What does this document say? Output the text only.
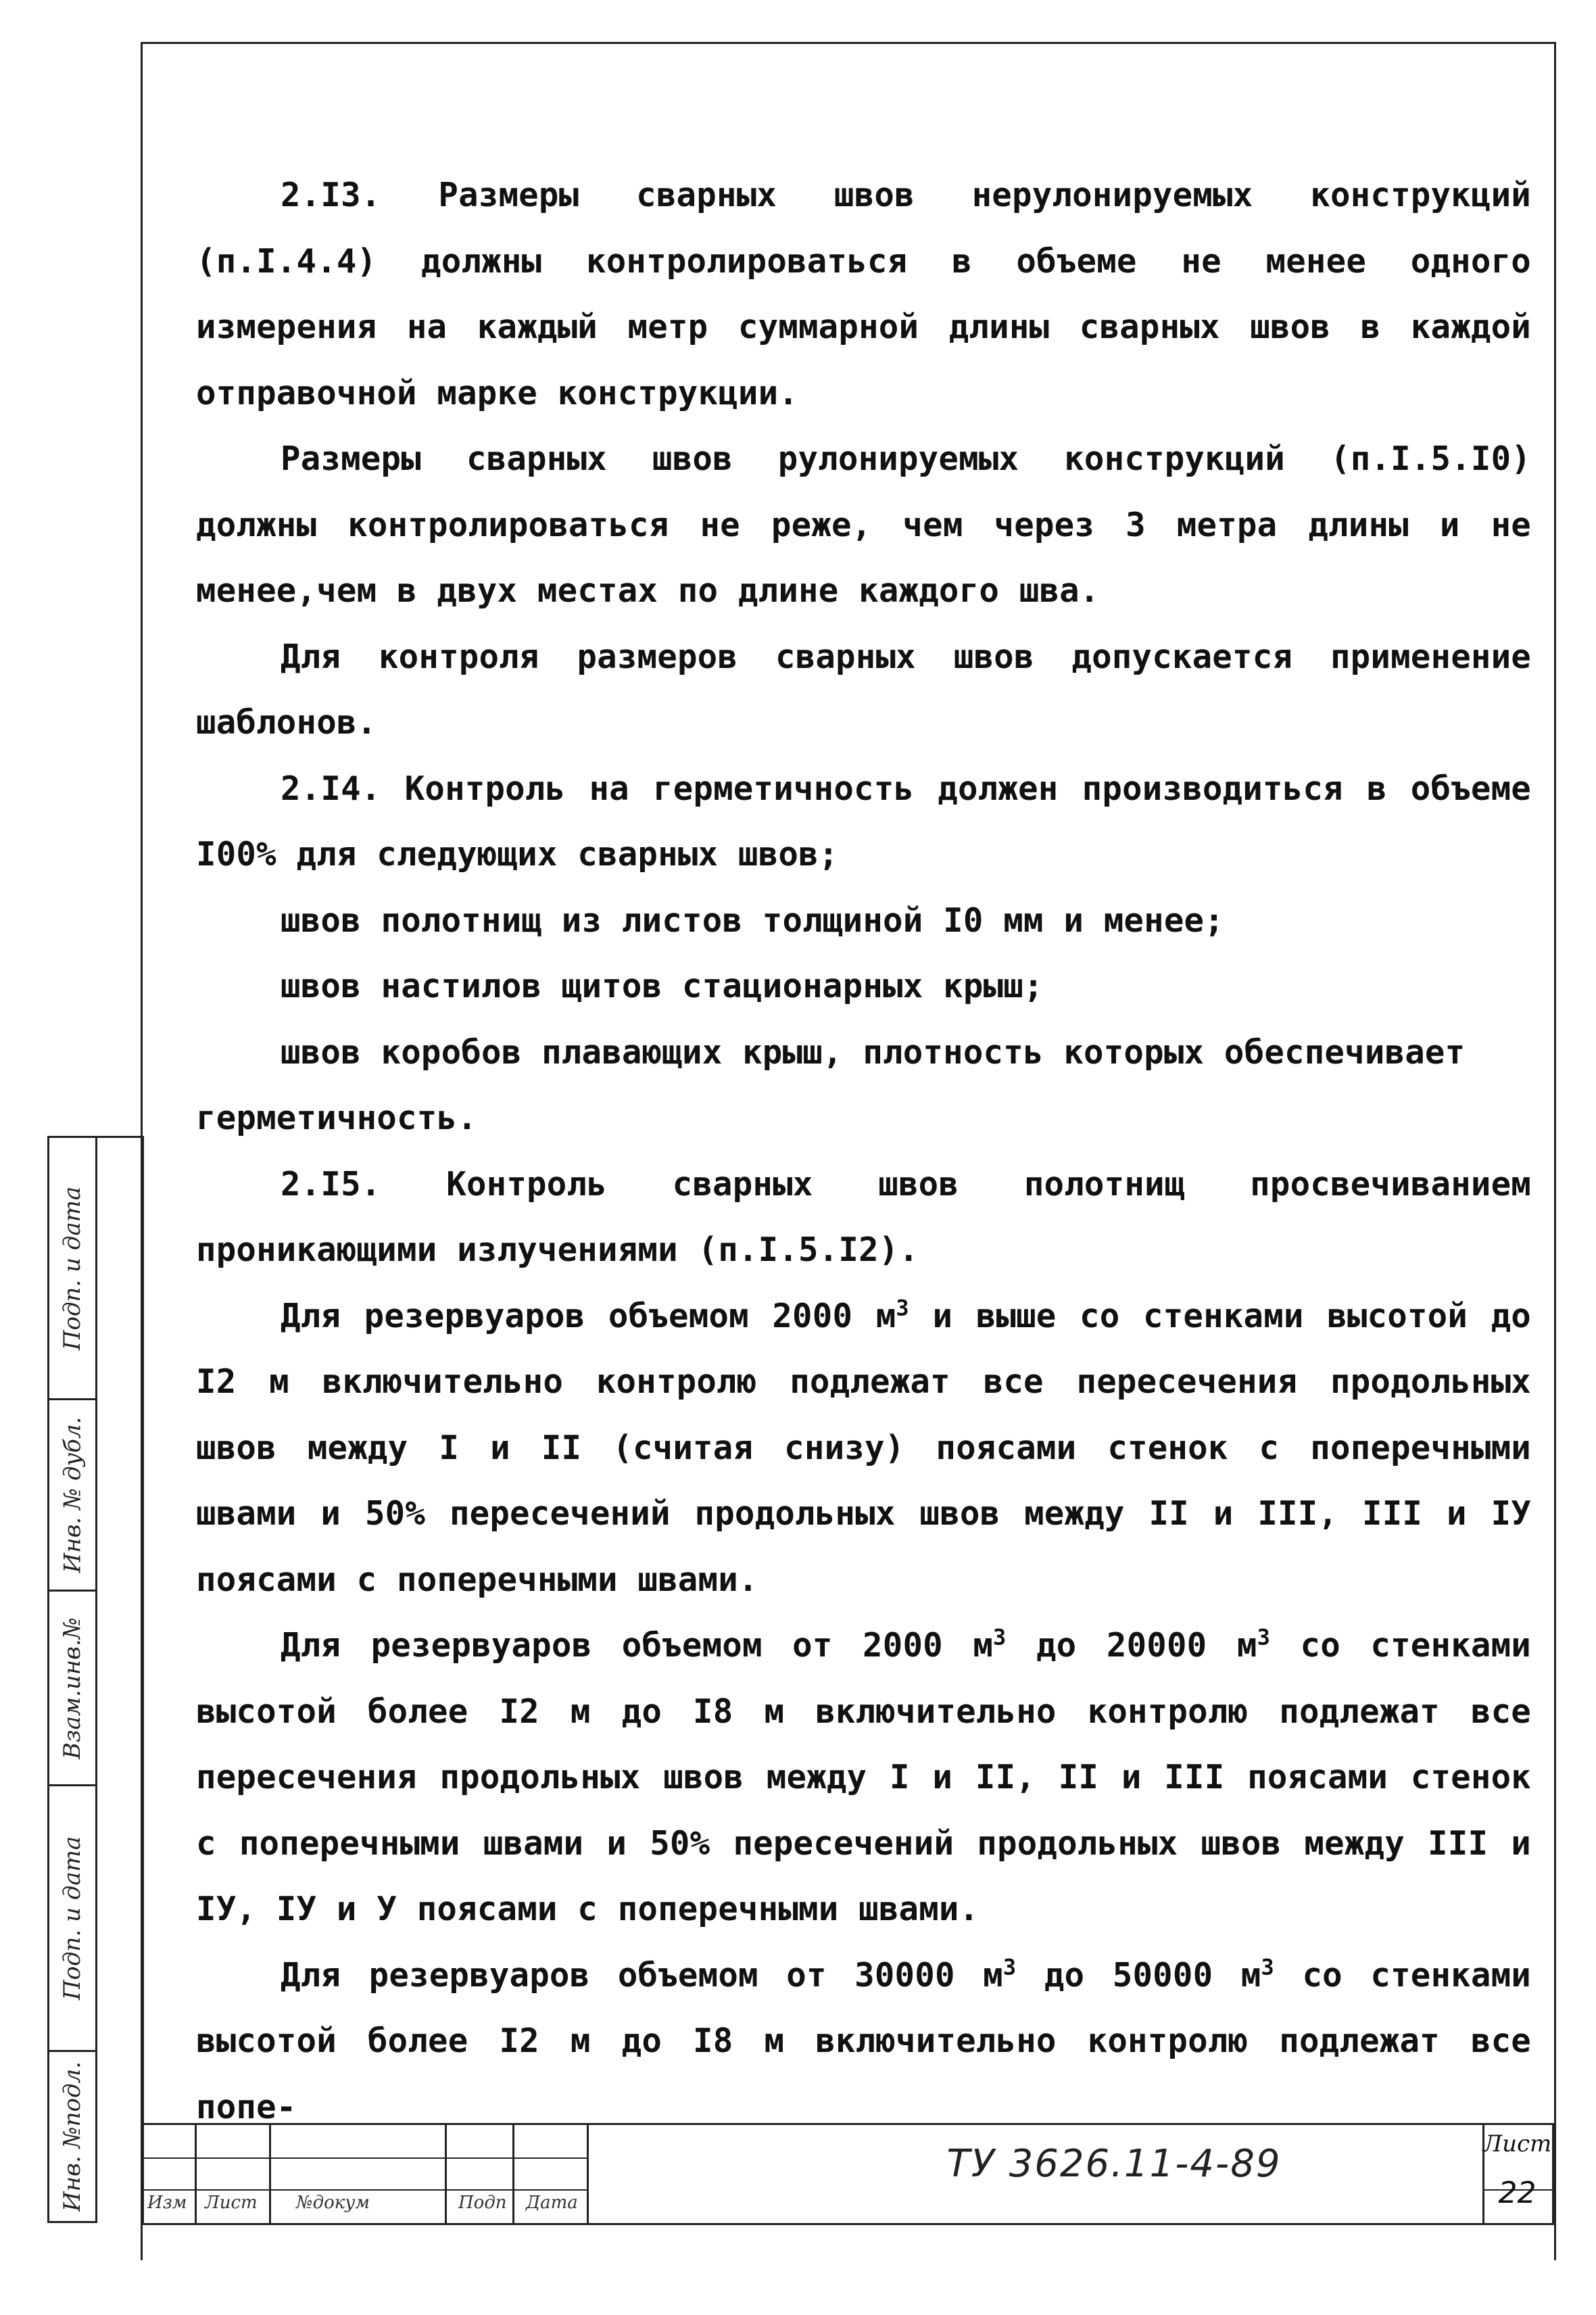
2.I3. Размеры сварных швов нерулонируемых конструкций (п.I.4.4) должны контролироваться в объеме не менее одного измерения на каждый метр суммарной длины сварных швов в каждой отправочной марке конструкции.

Размеры сварных швов рулонируемых конструкций (п.I.5.I0) должны контролироваться не реже, чем через 3 метра длины и не менее,чем в двух местах по длине каждого шва.

Для контроля размеров сварных швов допускается применение шаблонов.

2.I4. Контроль на герметичность должен производиться в объеме I00% для следующих сварных швов;

швов полотнищ из листов толщиной I0 мм и менее;

швов настилов щитов стационарных крыш;

швов коробов плавающих крыш, плотность которых обеспечивает

герметичность.

2.I5. Контроль сварных швов полотнищ просвечиванием проникающими излучениями (п.I.5.I2).

Для резервуаров объемом 2000 $м^3$ и выше со стенками высотой до I2 м включительно контролю подлежат все пересечения продольных швов между I и II (считая снизу) поясами стенок с поперечными швами и 50% пересечений продольных швов между II и III, III и IУ поясами с поперечными швами.

Для резервуаров объемом от 2000 $м^3$ до 20000 $м^3$ со стенками высотой более I2 м до I8 м включительно контролю подлежат все пересечения продольных швов между I и II, II и III поясами стенок с поперечными швами и 50% пересечений продольных швов между III и IУ, IУ и У поясами с поперечными швами.

Для резервуаров объемом от 30000 $м^3$ до 50000 $м^3$ со стенками высотой более I2 м до I8 м включительно контролю подлежат все попе-

Подп. и дата
Инв. № дубл.
Взам.инв.№
Подп. и дата
Инв. №подл.	Изм Лист №докум	Подп Дата
ТУ 3626.11-4-89	Лист
22
